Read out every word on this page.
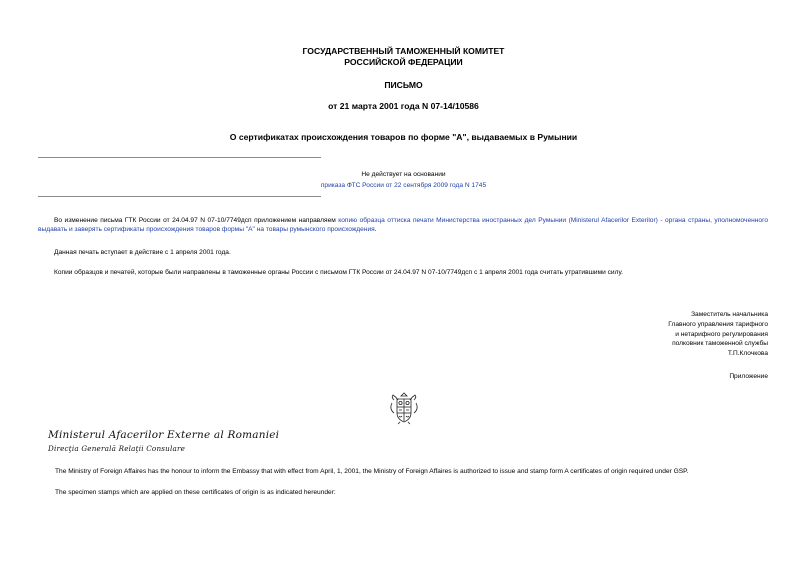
ГОСУДАРСТВЕННЫЙ ТАМОЖЕННЫЙ КОМИТЕТ
РОССИЙСКОЙ ФЕДЕРАЦИИ
ПИСЬМО
от 21 марта 2001 года N 07-14/10586
О сертификатах происхождения товаров по форме "А", выдаваемых в Румынии
Не действует на основании
приказа ФТС России от 22 сентября 2009 года N 1745
Во изменение письма ГТК России от 24.04.97 N 07-10/7749дсп приложением направляем копию образца оттиска печати Министерства иностранных дел Румынии (Ministerul Afacerilor Exterilor) - органа страны, уполномоченного выдавать и заверять сертификаты происхождения товаров формы "А" на товары румынского происхождения.
Данная печать вступает в действие с 1 апреля 2001 года.
Копии образцов и печатей, которые были направлены в таможенные органы России с письмом ГТК России от 24.04.97 N 07-10/7749дсп с 1 апреля 2001 года считать утратившими силу.
Заместитель начальника
Главного управления тарифного
и нетарифного регулирования
полковник таможенной службы
Т.П.Клочкова
Приложение
Ministerul Afacerilor Externe al Romaniei
Direcţia Generală Relaţii Consulare
The Ministry of Foreign Affaires has the honour to inform the Embassy that with effect from April, 1, 2001, the Ministry of Foreign Affaires is authorized to issue and stamp form A certificates of origin required under GSP.
The specimen stamps which are applied on these certificates of origin is as indicated hereunder:
